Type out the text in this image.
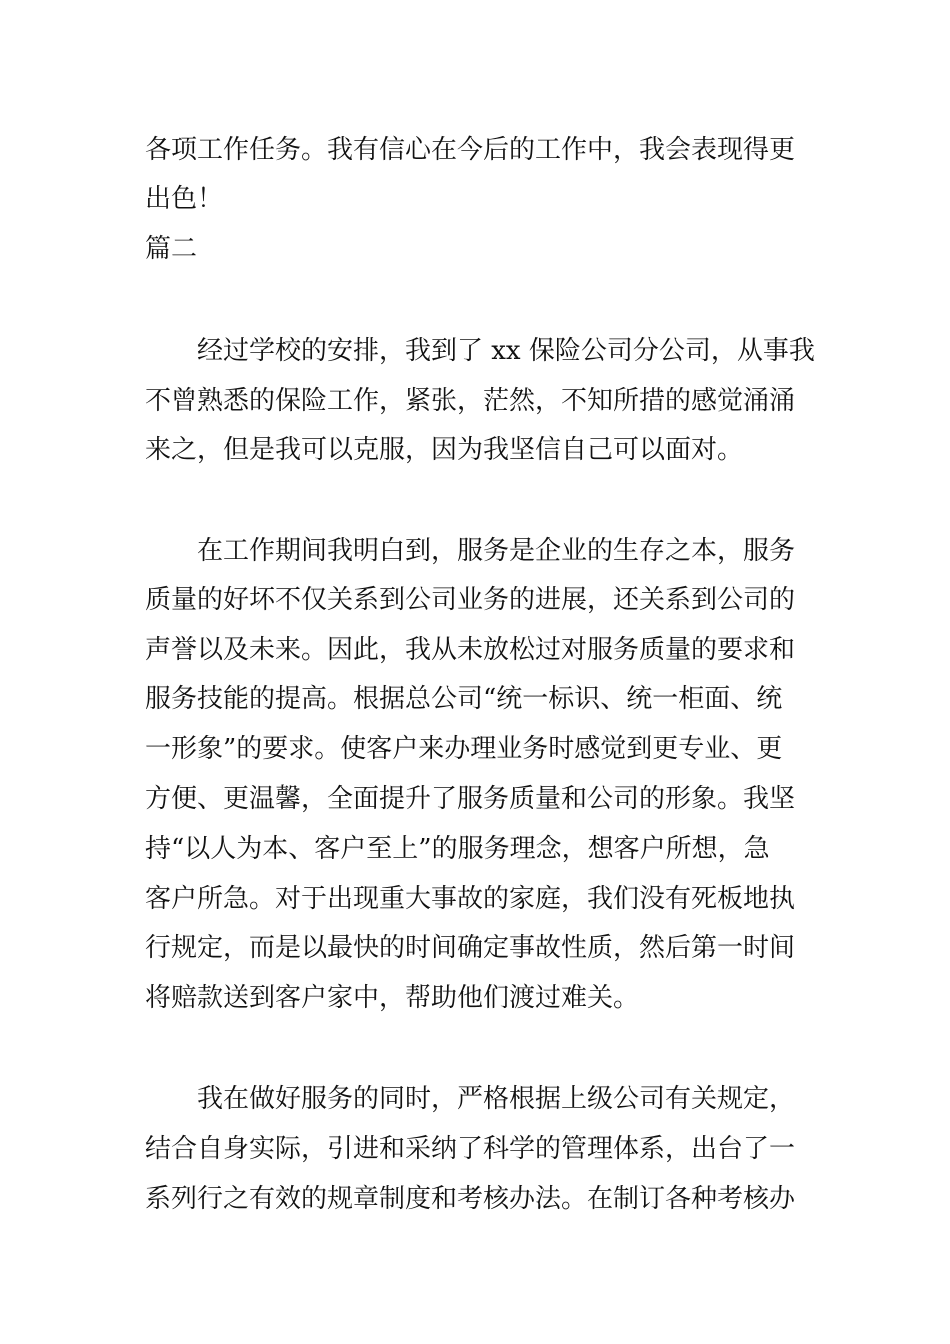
各项工作任务。我有信心在今后的工作中，我会表现得更
出色！
篇二
经过学校的安排，我到了 xx 保险公司分公司，从事我
不曾熟悉的保险工作，紧张，茫然，不知所措的感觉涌涌
来之，但是我可以克服，因为我坚信自己可以面对。
在工作期间我明白到，服务是企业的生存之本，服务
质量的好坏不仅关系到公司业务的进展，还关系到公司的
声誉以及未来。因此，我从未放松过对服务质量的要求和
服务技能的提高。根据总公司“统一标识、统一柜面、统
一形象”的要求。使客户来办理业务时感觉到更专业、更
方便、更温馨，全面提升了服务质量和公司的形象。我坚
持“以人为本、客户至上”的服务理念，想客户所想，急
客户所急。对于出现重大事故的家庭，我们没有死板地执
行规定，而是以最快的时间确定事故性质，然后第一时间
将赔款送到客户家中，帮助他们渡过难关。
我在做好服务的同时，严格根据上级公司有关规定，
结合自身实际，引进和采纳了科学的管理体系，出台了一
系列行之有效的规章制度和考核办法。在制订各种考核办
